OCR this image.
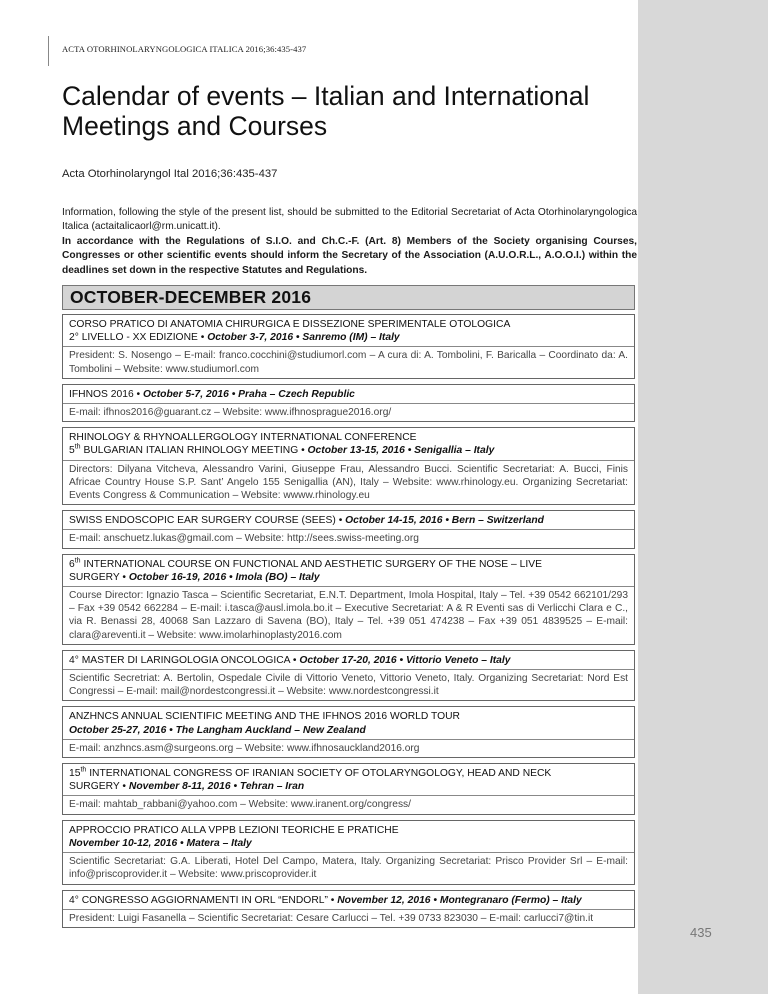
ACTA OTORHINOLARYNGOLOGICA ITALICA 2016;36:435-437
Calendar of events – Italian and International
Meetings and Courses
Acta Otorhinolaryngol Ital 2016;36:435-437

Information, following the style of the present list, should be submitted to the Editorial Secretariat of Acta Otorhinolaryngologica Italica (actaitalicaorl@rm.unicatt.it).
In accordance with the Regulations of S.I.O. and Ch.C.-F. (Art. 8) Members of the Society organising Courses, Congresses or other scientific events should inform the Secretary of the Association (A.U.O.R.L., A.O.O.I.) within the deadlines set down in the respective Statutes and Regulations.

OCTOBER-DECEMBER 2016
CORSO PRATICO DI ANATOMIA CHIRURGICA E DISSEZIONE SPERIMENTALE OTOLOGICA
2° LIVELLO - XX EDIZIONE • October 3-7, 2016 • Sanremo (IM) – Italy
President: S. Nosengo – E-mail: franco.cocchini@studiumorl.com – A cura di: A. Tombolini, F. Baricalla – Coordinato da: A. Tombolini – Website: www.studiumorl.com
IFHNOS 2016 • October 5-7, 2016 • Praha – Czech Republic
E-mail: ifhnos2016@guarant.cz – Website: www.ifhnosprague2016.org/
RHINOLOGY & RHYNOALLERGOLOGY INTERNATIONAL CONFERENCE
5th BULGARIAN ITALIAN RHINOLOGY MEETING • October 13-15, 2016 • Senigallia – Italy
Directors: Dilyana Vitcheva, Alessandro Varini, Giuseppe Frau, Alessandro Bucci. Scientific Secretariat: A. Bucci, Finis Africae Country House S.P. Sant’ Angelo 155 Senigallia (AN), Italy – Website: www.rhinology.eu. Organizing Secretariat: Events Congress & Communication – Website: wwww.rhinology.eu
SWISS ENDOSCOPIC EAR SURGERY COURSE (SEES) • October 14-15, 2016 • Bern – Switzerland
E-mail: anschuetz.lukas@gmail.com – Website: http://sees.swiss-meeting.org
6th INTERNATIONAL COURSE ON FUNCTIONAL AND AESTHETIC SURGERY OF THE NOSE – LIVE
SURGERY • October 16-19, 2016 • Imola (BO) – Italy
Course Director: Ignazio Tasca – Scientific Secretariat, E.N.T. Department, Imola Hospital, Italy – Tel. +39 0542 662101/293 – Fax +39 0542 662284 – E-mail: i.tasca@ausl.imola.bo.it – Executive Secretariat: A & R Eventi sas di Verlicchi Clara e C., via R. Benassi 28, 40068 San Lazzaro di Savena (BO), Italy – Tel. +39 051 474238 – Fax +39 051 4839525 – E-mail: clara@areventi.it – Website: www.imolarhinoplasty2016.com
4° MASTER DI LARINGOLOGIA ONCOLOGICA • October 17-20, 2016 • Vittorio Veneto – Italy
Scientific Secretriat: A. Bertolin, Ospedale Civile di Vittorio Veneto, Vittorio Veneto, Italy. Organizing Secretariat: Nord Est Congressi – E-mail: mail@nordestcongressi.it – Website: www.nordestcongressi.it
ANZHNCS ANNUAL SCIENTIFIC MEETING AND THE IFHNOS 2016 WORLD TOUR
October 25-27, 2016 • The Langham Auckland – New Zealand
E-mail: anzhncs.asm@surgeons.org – Website: www.ifhnosauckland2016.org
15th INTERNATIONAL CONGRESS OF IRANIAN SOCIETY OF OTOLARYNGOLOGY, HEAD AND NECK
SURGERY • November 8-11, 2016 • Tehran – Iran
E-mail: mahtab_rabbani@yahoo.com – Website: www.iranent.org/congress/
APPROCCIO PRATICO ALLA VPPB LEZIONI TEORICHE E PRATICHE
November 10-12, 2016 • Matera – Italy
Scientific Secretariat: G.A. Liberati, Hotel Del Campo, Matera, Italy. Organizing Secretariat: Prisco Provider Srl – E-mail: info@priscoprovider.it – Website: www.priscoprovider.it
4° CONGRESSO AGGIORNAMENTI IN ORL “ENDORL” • November 12, 2016 • Montegranaro (Fermo) – Italy
President: Luigi Fasanella – Scientific Secretariat: Cesare Carlucci – Tel. +39 0733 823030 – E-mail: carlucci7@tin.it
435
